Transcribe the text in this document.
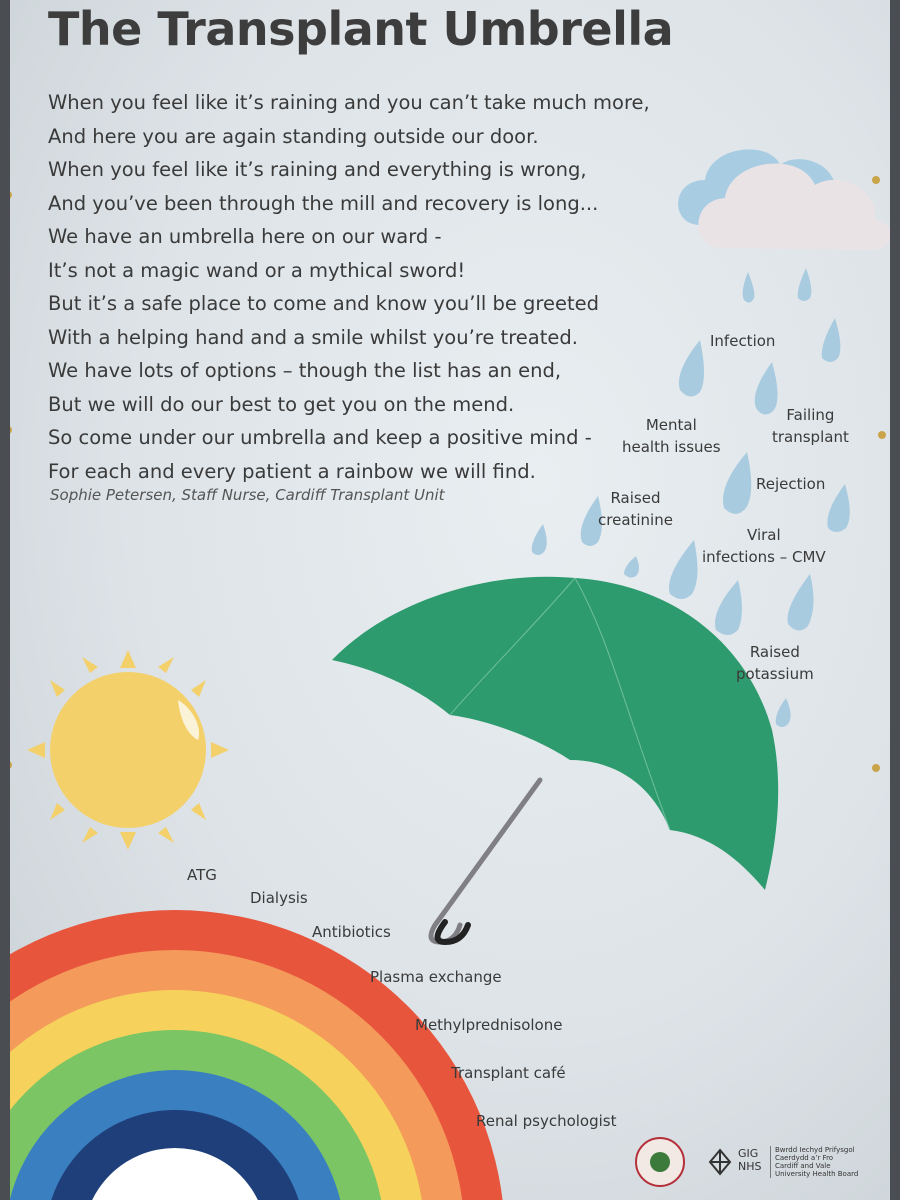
The Transplant Umbrella
When you feel like it’s raining and you can’t take much more,
And here you are again standing outside our door.
When you feel like it’s raining and everything is wrong,
And you’ve been through the mill and recovery is long...
We have an umbrella here on our ward -
It’s not a magic wand or a mythical sword!
But it’s a safe place to come and know you’ll be greeted
With a helping hand and a smile whilst you’re treated.
We have lots of options – though the list has an end,
But we will do our best to get you on the mend.
So come under our umbrella and keep a positive mind -
For each and every patient a rainbow we will find.
Sophie Petersen, Staff Nurse, Cardiff Transplant Unit
Infection
Mental
health issues
Failing
transplant
Rejection
Raised
creatinine
Viral
infections – CMV
Raised
potassium
ATG
Dialysis
Antibiotics
Plasma exchange
Methylprednisolone
Transplant café
Renal psychologist
GIG
NHS
Bwrdd Iechyd Prifysgol
Caerdydd a’r Fro
Cardiff and Vale
University Health Board
